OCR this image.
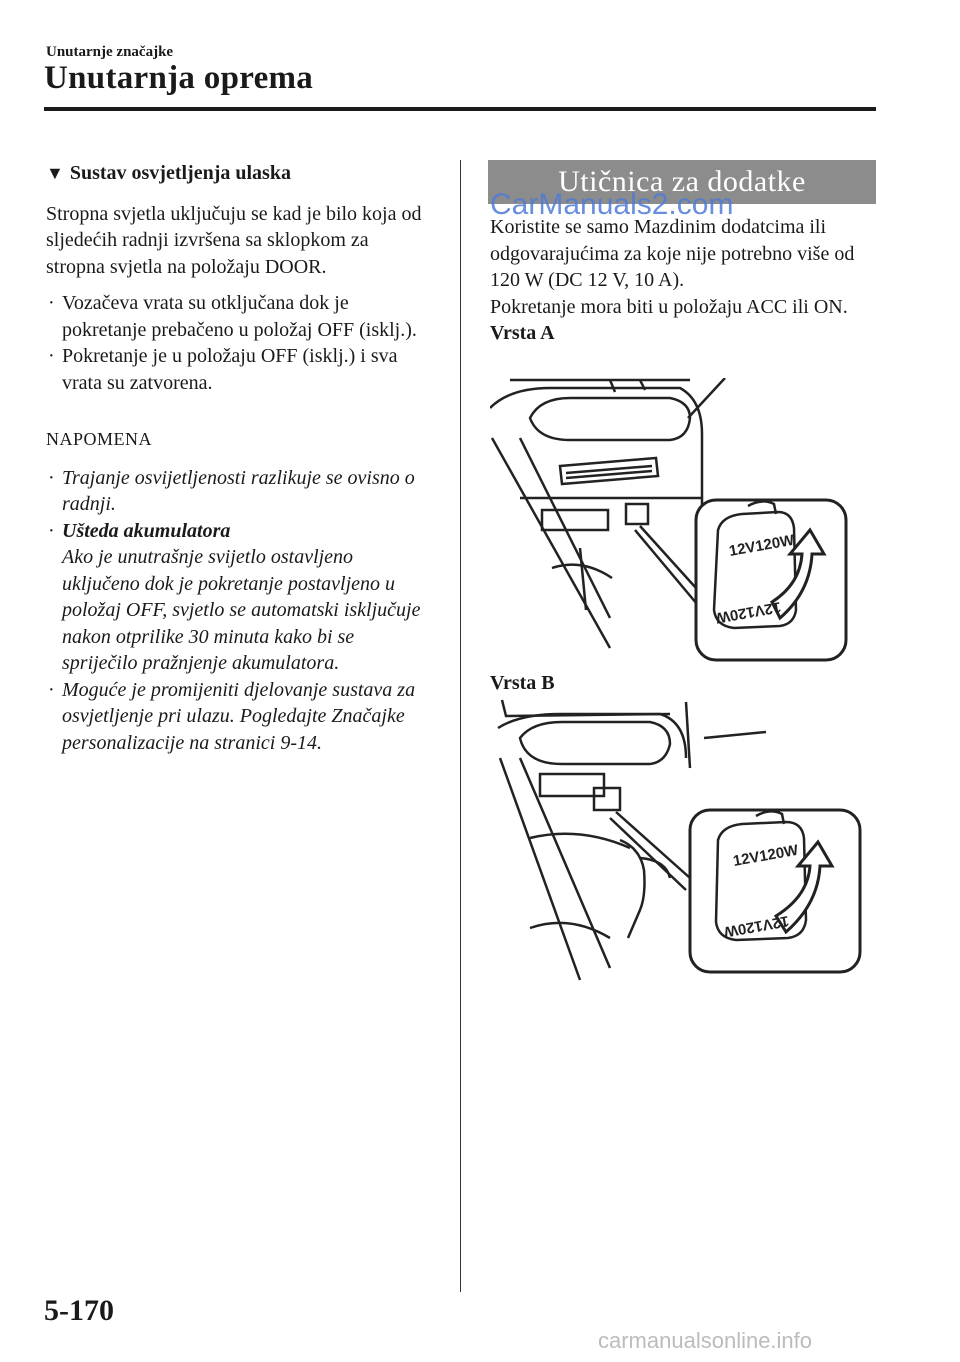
Unutarnje značajke
Unutarnja oprema
▼ Sustav osvjetljenja ulaska

Stropna svjetla uključuju se kad je bilo koja od sljedećih radnji izvršena sa sklopkom za stropna svjetla na položaju DOOR.

· Vozačeva vrata su otključana dok je pokretanje prebačeno u položaj OFF (isklj.).
· Pokretanje je u položaju OFF (isklj.) i sva vrata su zatvorena.
NAPOMENA
· Trajanje osvijetljenosti razlikuje se ovisno o radnji.
· Ušteda akumulatora
Ako je unutrašnje svijetlo ostavljeno uključeno dok je pokretanje postavljeno u položaj OFF, svjetlo se automatski isključuje nakon otprilike 30 minuta kako bi se spriječilo pražnjenje akumulatora.
· Moguće je promijeniti djelovanje sustava za osvjetljenje pri ulazu. Pogledajte Značajke personalizacije na stranici 9-14.
Utičnica za dodatke
CarManuals2.com

Koristite se samo Mazdinim dodatcima ili odgovarajućima za koje nije potrebno više od 120 W (DC 12 V, 10 A).

Pokretanje mora biti u položaju ACC ili ON.

Vrsta A
12V120W
12V120W
Vrsta B
12V120W
12V120W
5-170
carmanualsonline.info
